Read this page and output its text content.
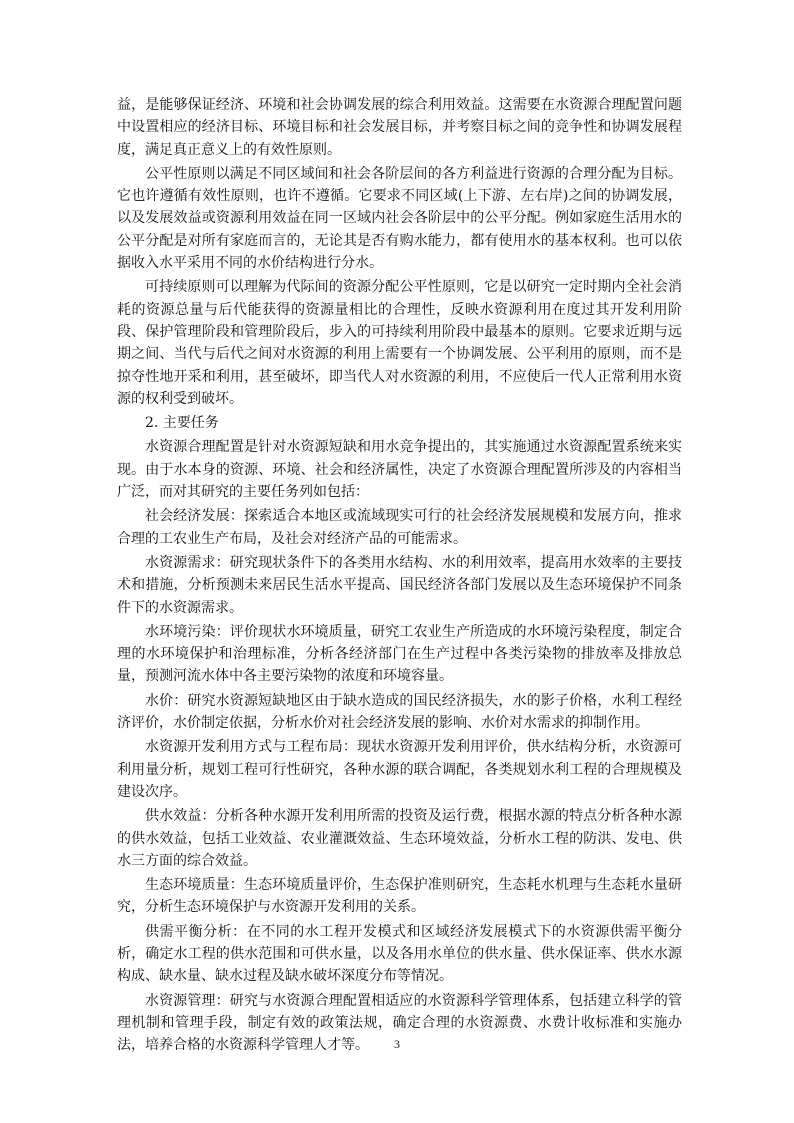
益，是能够保证经济、环境和社会协调发展的综合利用效益。这需要在水资源合理配置问题中设置相应的经济目标、环境目标和社会发展目标，并考察目标之间的竞争性和协调发展程度，满足真正意义上的有效性原则。

公平性原则以满足不同区域间和社会各阶层间的各方利益进行资源的合理分配为目标。它也许遵循有效性原则，也许不遵循。它要求不同区域(上下游、左右岸)之间的协调发展，以及发展效益或资源利用效益在同一区域内社会各阶层中的公平分配。例如家庭生活用水的公平分配是对所有家庭而言的，无论其是否有购水能力，都有使用水的基本权利。也可以依据收入水平采用不同的水价结构进行分水。

可持续原则可以理解为代际间的资源分配公平性原则，它是以研究一定时期内全社会消耗的资源总量与后代能获得的资源量相比的合理性，反映水资源利用在度过其开发利用阶段、保护管理阶段和管理阶段后，步入的可持续利用阶段中最基本的原则。它要求近期与远期之间、当代与后代之间对水资源的利用上需要有一个协调发展、公平利用的原则，而不是掠夺性地开采和利用，甚至破坏，即当代人对水资源的利用，不应使后一代人正常利用水资源的权利受到破坏。

2. 主要任务

水资源合理配置是针对水资源短缺和用水竞争提出的，其实施通过水资源配置系统来实现。由于水本身的资源、环境、社会和经济属性，决定了水资源合理配置所涉及的内容相当广泛，而对其研究的主要任务列如包括：

社会经济发展：探索适合本地区或流域现实可行的社会经济发展规模和发展方向，推求合理的工农业生产布局，及社会对经济产品的可能需求。

水资源需求：研究现状条件下的各类用水结构、水的利用效率，提高用水效率的主要技术和措施，分析预测未来居民生活水平提高、国民经济各部门发展以及生态环境保护不同条件下的水资源需求。

水环境污染：评价现状水环境质量，研究工农业生产所造成的水环境污染程度，制定合理的水环境保护和治理标准，分析各经济部门在生产过程中各类污染物的排放率及排放总量，预测河流水体中各主要污染物的浓度和环境容量。

水价：研究水资源短缺地区由于缺水造成的国民经济损失，水的影子价格，水利工程经济评价，水价制定依据，分析水价对社会经济发展的影响、水价对水需求的抑制作用。

水资源开发利用方式与工程布局：现状水资源开发利用评价，供水结构分析，水资源可利用量分析，规划工程可行性研究，各种水源的联合调配，各类规划水利工程的合理规模及建设次序。

供水效益：分析各种水源开发利用所需的投资及运行费，根据水源的特点分析各种水源的供水效益，包括工业效益、农业灌溉效益、生态环境效益，分析水工程的防洪、发电、供水三方面的综合效益。

生态环境质量：生态环境质量评价，生态保护准则研究，生态耗水机理与生态耗水量研究，分析生态环境保护与水资源开发利用的关系。

供需平衡分析：在不同的水工程开发模式和区域经济发展模式下的水资源供需平衡分析，确定水工程的供水范围和可供水量，以及各用水单位的供水量、供水保证率、供水水源构成、缺水量、缺水过程及缺水破坏深度分布等情况。

水资源管理：研究与水资源合理配置相适应的水资源科学管理体系，包括建立科学的管理机制和管理手段，制定有效的政策法规，确定合理的水资源费、水费计收标准和实施办法，培养合格的水资源科学管理人才等。	3
